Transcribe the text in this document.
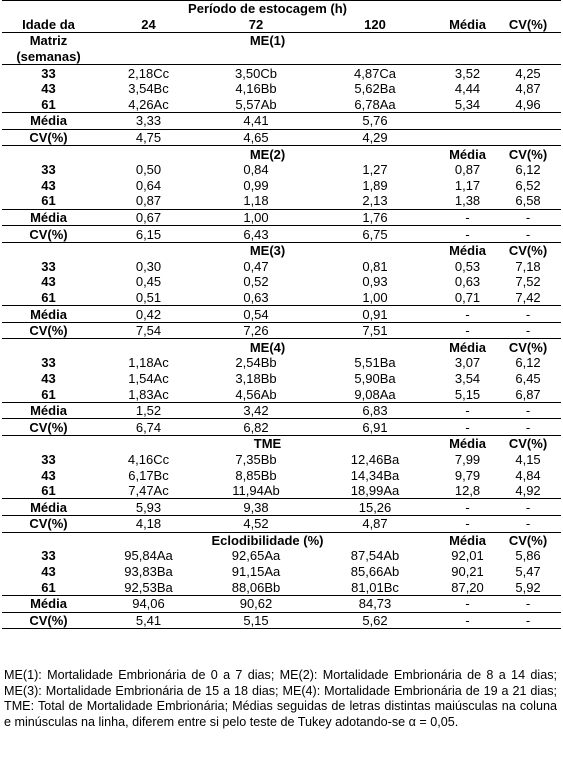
	Período de estocagem (h)				
Idade da	24	72	120	Média	CV(%)
Matriz	ME(1)				
(semanas)					
33	2,18Cc	3,50Cb	4,87Ca	3,52	4,25
43	3,54Bc	4,16Bb	5,62Ba	4,44	4,87
61	4,26Ac	5,57Ab	6,78Aa	5,34	4,96
Média	3,33	4,41	5,76		
CV(%)	4,75	4,65	4,29		
	ME(2)			Média	CV(%)
33	0,50	0,84	1,27	0,87	6,12
43	0,64	0,99	1,89	1,17	6,52
61	0,87	1,18	2,13	1,38	6,58
Média	0,67	1,00	1,76	-	-
CV(%)	6,15	6,43	6,75	-	-
	ME(3)			Média	CV(%)
33	0,30	0,47	0,81	0,53	7,18
43	0,45	0,52	0,93	0,63	7,52
61	0,51	0,63	1,00	0,71	7,42
Média	0,42	0,54	0,91	-	-
CV(%)	7,54	7,26	7,51	-	-
	ME(4)			Média	CV(%)
33	1,18Ac	2,54Bb	5,51Ba	3,07	6,12
43	1,54Ac	3,18Bb	5,90Ba	3,54	6,45
61	1,83Ac	4,56Ab	9,08Aa	5,15	6,87
Média	1,52	3,42	6,83	-	-
CV(%)	6,74	6,82	6,91	-	-
	TME			Média	CV(%)
33	4,16Cc	7,35Bb	12,46Ba	7,99	4,15
43	6,17Bc	8,85Bb	14,34Ba	9,79	4,84
61	7,47Ac	11,94Ab	18,99Aa	12,8	4,92
Média	5,93	9,38	15,26	-	-
CV(%)	4,18	4,52	4,87	-	-
	Eclodibilidade (%)			Média	CV(%)
33	95,84Aa	92,65Aa	87,54Ab	92,01	5,86
43	93,83Ba	91,15Aa	85,66Ab	90,21	5,47
61	92,53Ba	88,06Bb	81,01Bc	87,20	5,92
Média	94,06	90,62	84,73	-	-
CV(%)	5,41	5,15	5,62	-	-
ME(1): Mortalidade Embrionária de 0 a 7 dias; ME(2): Mortalidade Embrionária de 8 a 14 dias; ME(3): Mortalidade Embrionária de 15 a 18 dias; ME(4): Mortalidade Embrionária de 19 a 21 dias; TME: Total de Mortalidade Embrionária; Médias seguidas de letras distintas maiúsculas na coluna e minúsculas na linha, diferem entre si pelo teste de Tukey adotando-se α = 0,05.
